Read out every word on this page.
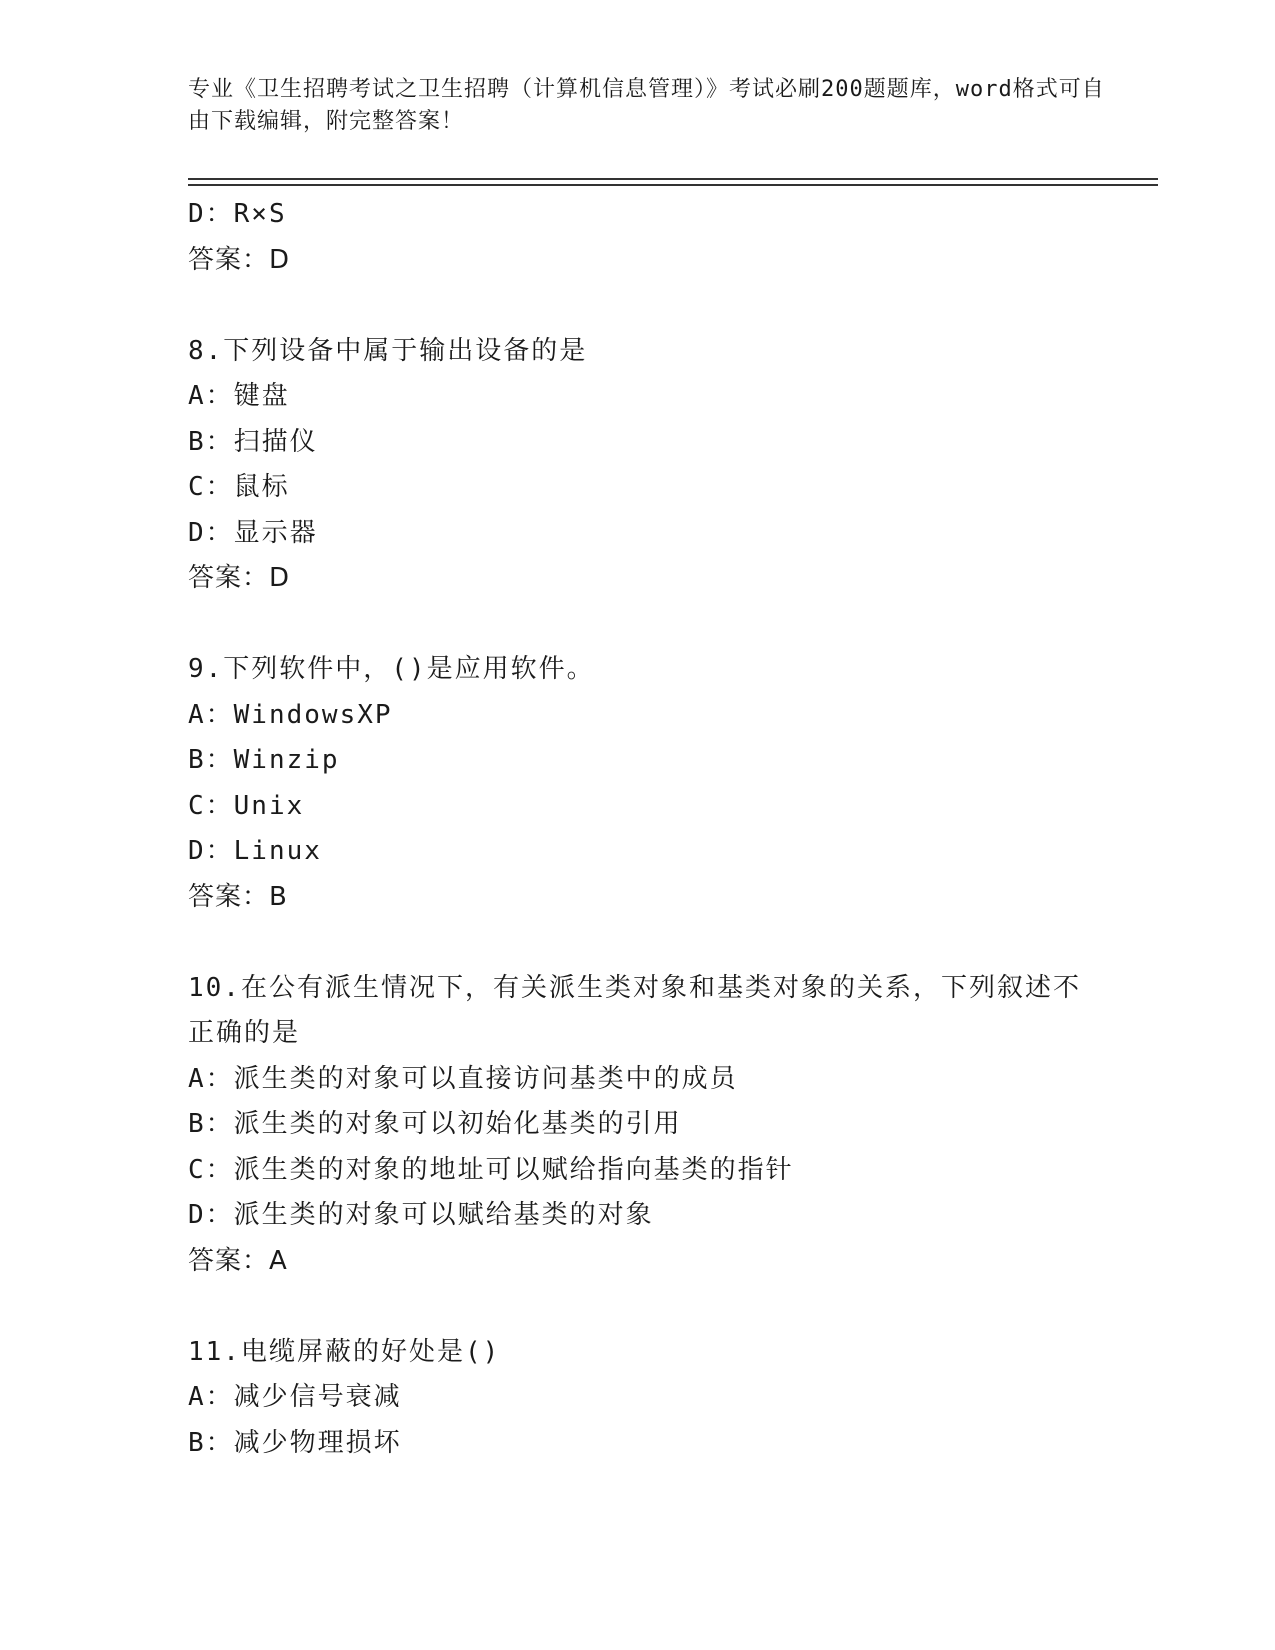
专业《卫生招聘考试之卫生招聘（计算机信息管理）》考试必刷200题题库，word格式可自由下载编辑，附完整答案！
D：R×S
答案：D
8.下列设备中属于输出设备的是
A：键盘
B：扫描仪
C：鼠标
D：显示器
答案：D
9.下列软件中，()是应用软件。
A：WindowsXP
B：Winzip
C：Unix
D：Linux
答案：B
10.在公有派生情况下，有关派生类对象和基类对象的关系，下列叙述不正确的是
A：派生类的对象可以直接访问基类中的成员
B：派生类的对象可以初始化基类的引用
C：派生类的对象的地址可以赋给指向基类的指针
D：派生类的对象可以赋给基类的对象
答案：A
11.电缆屏蔽的好处是()
A：减少信号衰减
B：减少物理损坏
